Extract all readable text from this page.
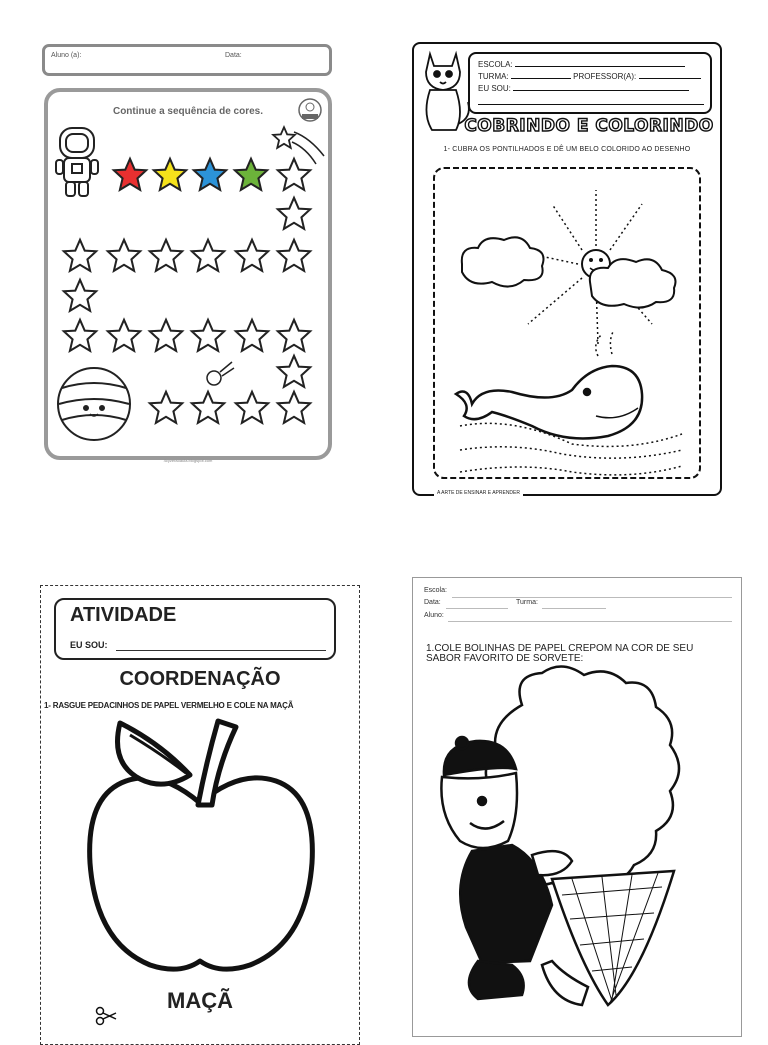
Aluno (a):	Data:
Continue a sequência de cores.
4cyzeraoaula.blogspot.com
ESCOLA:
TURMA:	PROFESSOR(A):
EU SOU:
COBRINDO E COLORINDO
1- CUBRA OS PONTILHADOS E DÊ UM BELO COLORIDO AO DESENHO
A ARTE DE ENSINAR E APRENDER
ATIVIDADE
EU SOU:
COORDENAÇÃO
1- RASGUE PEDACINHOS DE PAPEL VERMELHO E COLE NA MAÇÃ
MAÇÃ
Escola:
Data:	Turma:
Aluno:
1.COLE BOLINHAS DE PAPEL CREPOM NA COR DE SEU SABOR FAVORITO DE SORVETE:
